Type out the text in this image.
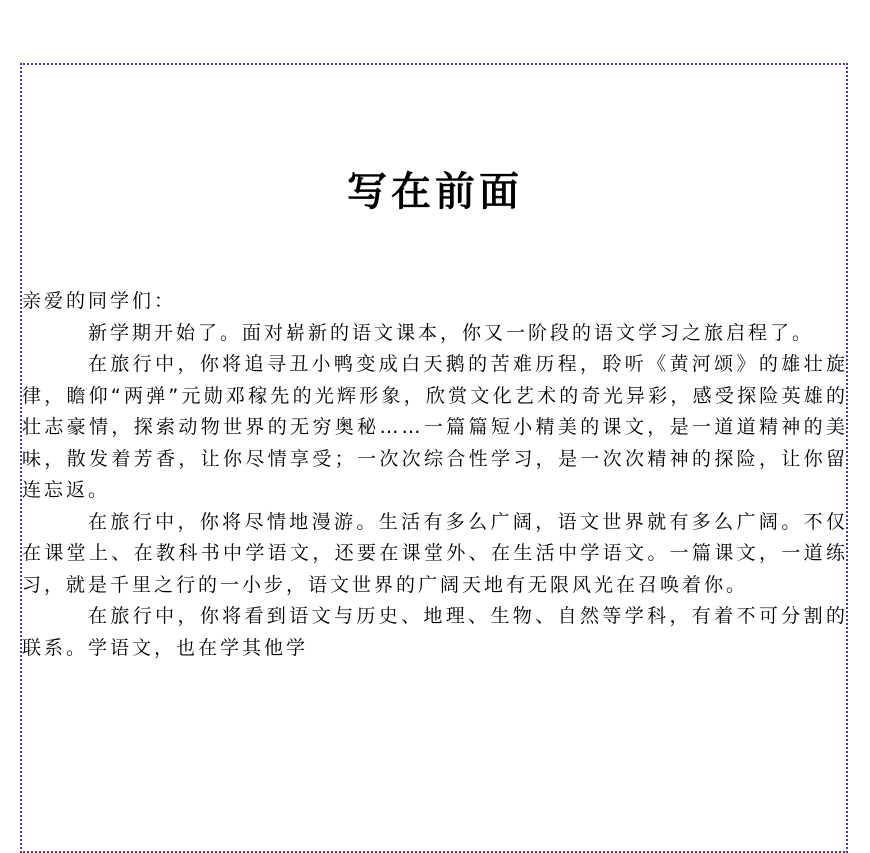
写在前面

亲爱的同学们：

新学期开始了。面对崭新的语文课本，你又一阶段的语文学习之旅启程了。

在旅行中，你将追寻丑小鸭变成白天鹅的苦难历程，聆听《黄河颂》的雄壮旋律，瞻仰“两弹”元勋邓稼先的光辉形象，欣赏文化艺术的奇光异彩，感受探险英雄的壮志豪情，探索动物世界的无穷奥秘……一篇篇短小精美的课文，是一道道精神的美味，散发着芳香，让你尽情享受；一次次综合性学习，是一次次精神的探险，让你留连忘返。

在旅行中，你将尽情地漫游。生活有多么广阔，语文世界就有多么广阔。不仅在课堂上、在教科书中学语文，还要在课堂外、在生活中学语文。一篇课文，一道练习，就是千里之行的一小步，语文世界的广阔天地有无限风光在召唤着你。

在旅行中，你将看到语文与历史、地理、生物、自然等学科，有着不可分割的联系。学语文，也在学其他学
